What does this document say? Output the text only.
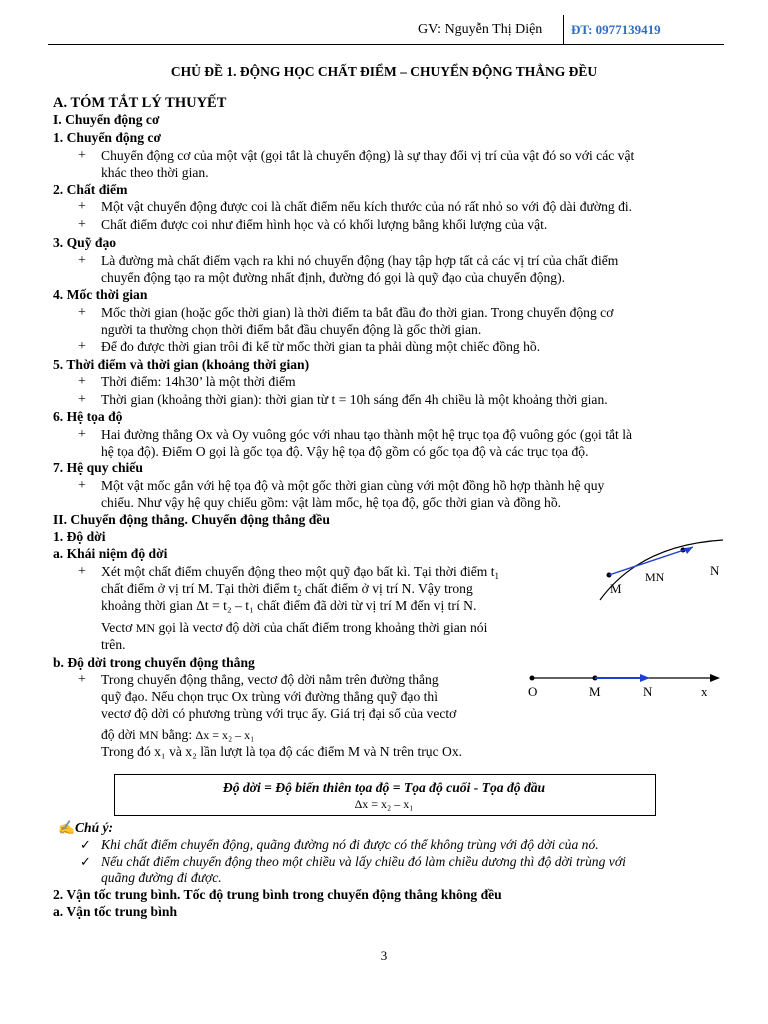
GV: Nguyễn Thị Diện ĐT: 0977139419
CHỦ ĐỀ 1. ĐỘNG HỌC CHẤT ĐIỂM – CHUYỂN ĐỘNG THẲNG ĐỀU
A. TÓM TẮT LÝ THUYẾT
I. Chuyển động cơ
1. Chuyển động cơ
+ Chuyển động cơ của một vật (gọi tắt là chuyển động) là sự thay đổi vị trí của vật đó so với các vật
khác theo thời gian.
2. Chất điểm
+ Một vật chuyển động được coi là chất điểm nếu kích thước của nó rất nhỏ so với độ dài đường đi.
+ Chất điểm được coi như điểm hình học và có khối lượng bằng khối lượng của vật.
3. Quỹ đạo
+ Là đường mà chất điểm vạch ra khi nó chuyển động (hay tập hợp tất cả các vị trí của chất điểm
chuyển động tạo ra một đường nhất định, đường đó gọi là quỹ đạo của chuyển động).
4. Mốc thời gian
+ Mốc thời gian (hoặc gốc thời gian) là thời điểm ta bắt đầu đo thời gian. Trong chuyển động cơ
người ta thường chọn thời điểm bắt đầu chuyển động là gốc thời gian.
+ Để đo được thời gian trôi đi kể từ mốc thời gian ta phải dùng một chiếc đồng hồ.
5. Thời điểm và thời gian (khoảng thời gian)
+ Thời điểm: 14h30’ là một thời điểm
+ Thời gian (khoảng thời gian): thời gian từ t = 10h sáng đến 4h chiều là một khoảng thời gian.
6. Hệ tọa độ
+ Hai đường thẳng Ox và Oy vuông góc với nhau tạo thành một hệ trục tọa độ vuông góc (gọi tắt là
hệ tọa độ). Điểm O gọi là gốc tọa độ. Vậy hệ tọa độ gồm có gốc tọa độ và các trục tọa độ.
7. Hệ quy chiếu
+ Một vật mốc gắn với hệ tọa độ và một gốc thời gian cùng với một đồng hồ hợp thành hệ quy
chiếu. Như vậy hệ quy chiếu gồm: vật làm mốc, hệ tọa độ, gốc thời gian và đồng hồ.
II. Chuyển động thẳng. Chuyển động thẳng đều
1. Độ dời
a. Khái niệm độ dời
+ Xét một chất điểm chuyển động theo một quỹ đạo bất kì. Tại thời điểm $t_1$
chất điểm ở vị trí M. Tại thời điểm $t_2$ chất điểm ở vị trí N. Vậy trong
khoảng thời gian Δt = t₂ – t₁ chất điểm đã dời từ vị trí M đến vị trí N.
Vectơ MN gọi là vectơ độ dời của chất điểm trong khoảng thời gian nói
trên.
M
N
MN
b. Độ dời trong chuyển động thẳng
+ Trong chuyển động thẳng, vectơ độ dời nằm trên đường thẳng
quỹ đạo. Nếu chọn trục Ox trùng với đường thẳng quỹ đạo thì
vectơ độ dời có phương trùng với trục ấy. Giá trị đại số của vectơ
độ dời MN bằng: Δx = x₂ – x₁
Trong đó x₁ và x₂ lần lượt là tọa độ các điểm M và N trên trục Ox.
O	M	N	x
Độ dời = Độ biến thiên tọa độ = Tọa độ cuối - Tọa độ đầu
Δx = x₂ – x₁
✍Chú ý:
✓ Khi chất điểm chuyển động, quãng đường nó đi được có thể không trùng với độ dời của nó.
✓ Nếu chất điểm chuyển động theo một chiều và lấy chiều đó làm chiều dương thì độ dời trùng với
quãng đường đi được.
2. Vận tốc trung bình. Tốc độ trung bình trong chuyển động thẳng không đều
a. Vận tốc trung bình
3
